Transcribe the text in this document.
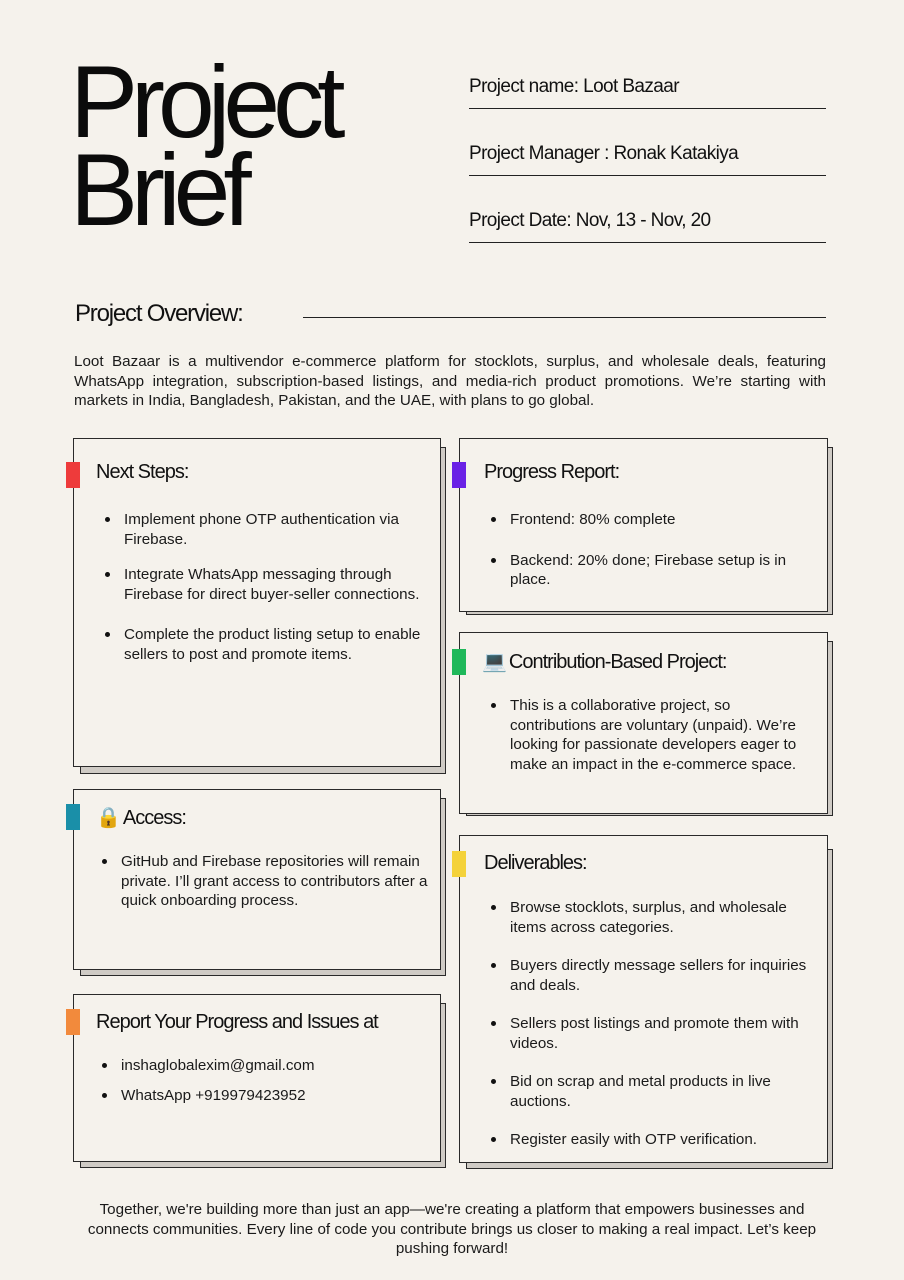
Project
Brief
Project name: Loot Bazaar
Project Manager : Ronak Katakiya
Project Date: Nov, 13 - Nov, 20
Project Overview:
Loot Bazaar is a multivendor e-commerce platform for stocklots, surplus, and wholesale deals, featuring WhatsApp integration, subscription-based listings, and media-rich product promotions. We’re starting with markets in India, Bangladesh, Pakistan, and the UAE, with plans to go global.
Next Steps:
Implement phone OTP authentication via Firebase.
Integrate WhatsApp messaging through Firebase for direct buyer-seller connections.
Complete the product listing setup to enable sellers to post and promote items.
Progress Report:
Frontend: 80% complete
Backend: 20% done; Firebase setup is in place.
💻 Contribution-Based Project:
This is a collaborative project, so contributions are voluntary (unpaid). We’re looking for passionate developers eager to make an impact in the e-commerce space.
🔒 Access:
GitHub and Firebase repositories will remain private. I’ll grant access to contributors after a quick onboarding process.
Deliverables:
Browse stocklots, surplus, and wholesale items across categories.
Buyers directly message sellers for inquiries and deals.
Sellers post listings and promote them with videos.
Bid on scrap and metal products in live auctions.
Register easily with OTP verification.
Report Your Progress and Issues at
inshaglobalexim@gmail.com
WhatsApp +919979423952
Together, we're building more than just an app—we're creating a platform that empowers businesses and connects communities. Every line of code you contribute brings us closer to making a real impact. Let’s keep pushing forward!
